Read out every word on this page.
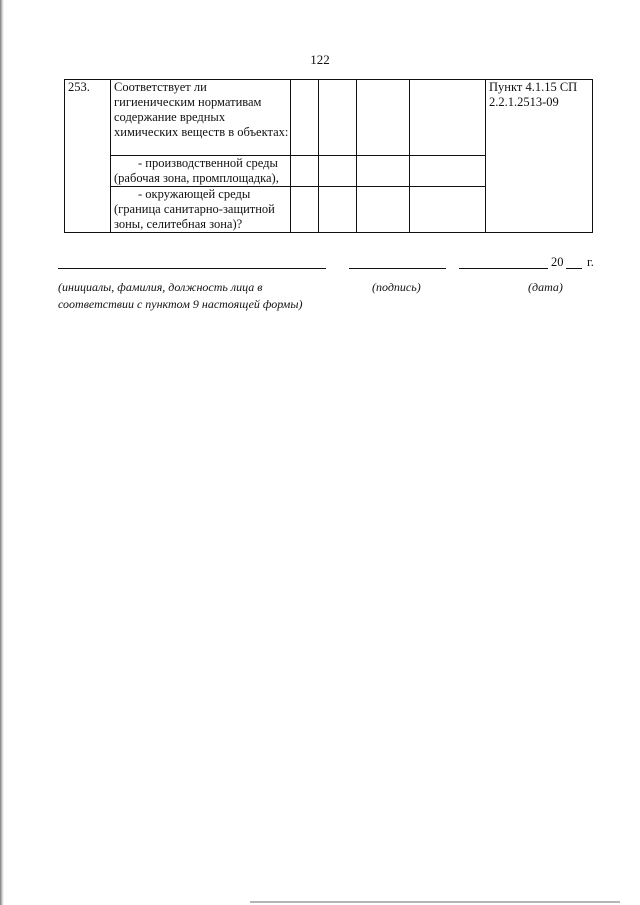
122
253.	Соответствует ли гигиеническим нормативам содержание вредных химических веществ в объектах:					Пункт 4.1.15 СП 2.2.1.2513-09

	- производственной среды (рабочая зона, промплощадка),					

	- окружающей среды (граница санитарно-защитной зоны, селитебная зона)?					

20 г.
(инициалы, фамилия, должность лица в соответствии с пунктом 9 настоящей формы)
(подпись)	(дата)
